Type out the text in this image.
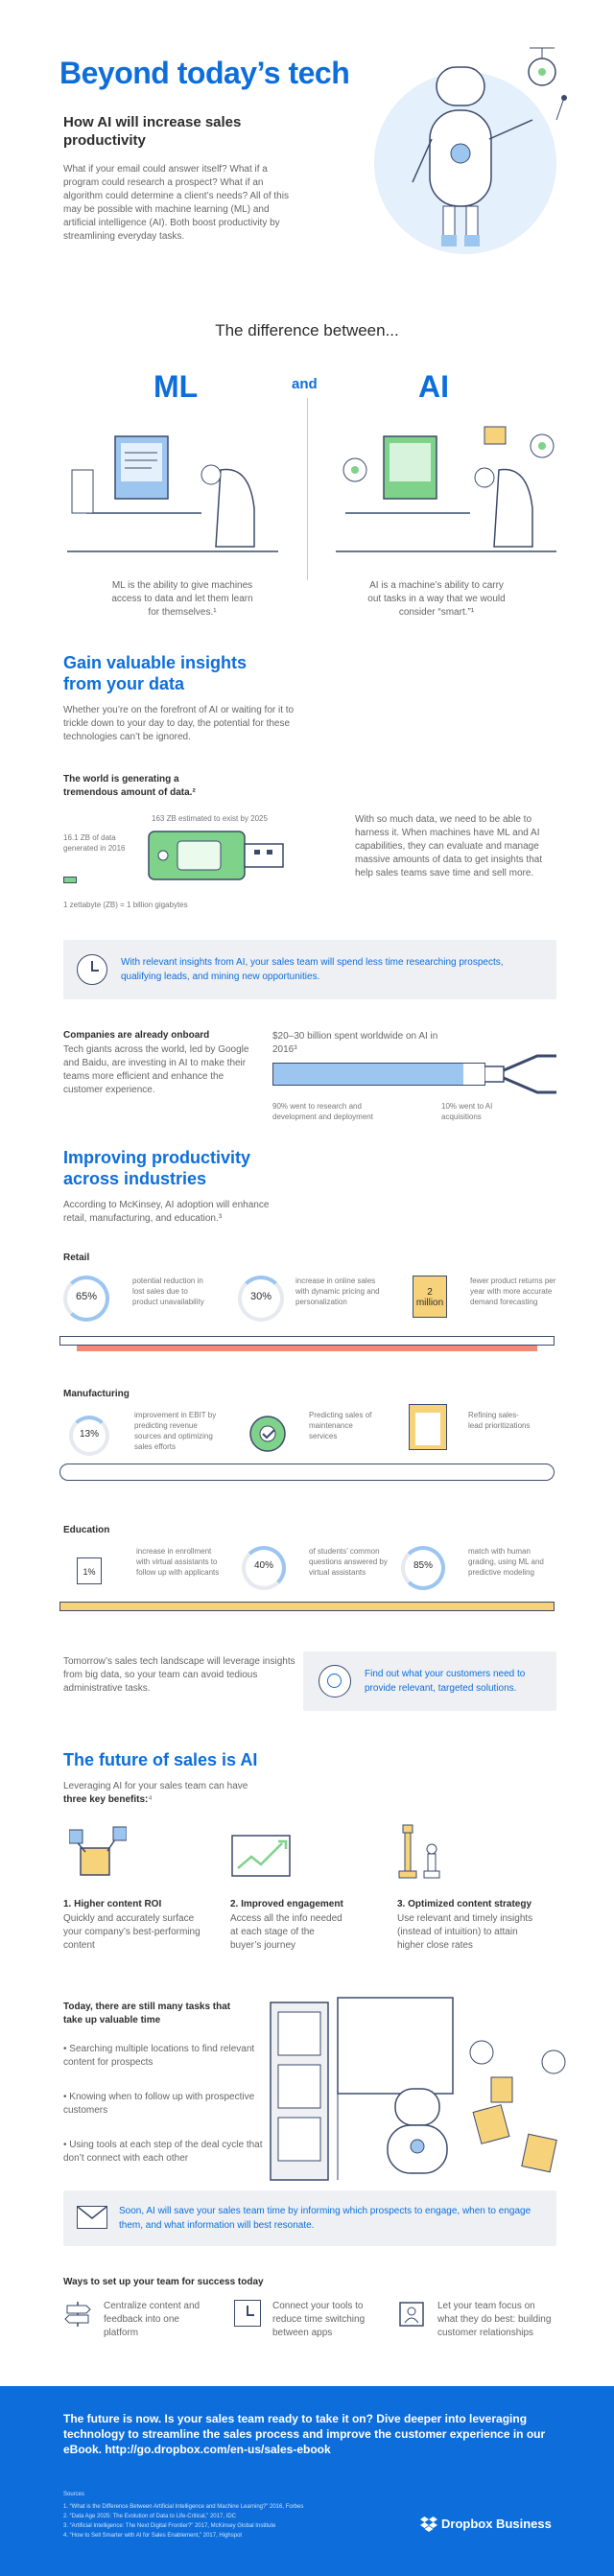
Beyond today’s tech
How AI will increase sales productivity
What if your email could answer itself? What if a program could research a prospect? What if an algorithm could determine a client’s needs? All of this may be possible with machine learning (ML) and artificial intelligence (AI). Both boost productivity by streamlining everyday tasks.
The difference between...
ML	and	AI
ML is the ability to give machines access to data and let them learn for themselves.¹
AI is a machine’s ability to carry out tasks in a way that we would consider “smart.”¹
Gain valuable insights from your data
Whether you’re on the forefront of AI or waiting for it to trickle down to your day to day, the potential for these technologies can’t be ignored.
The world is generating a tremendous amount of data.²
163 ZB estimated to exist by 2025
16.1 ZB of data generated in 2016
1 zettabyte (ZB) = 1 billion gigabytes
With so much data, we need to be able to harness it. When machines have ML and AI capabilities, they can evaluate and manage massive amounts of data to get insights that help sales teams save time and sell more.
With relevant insights from AI, your sales team will spend less time researching prospects, qualifying leads, and mining new opportunities.
Companies are already onboard
Tech giants across the world, led by Google and Baidu, are investing in AI to make their teams more efficient and enhance the customer experience.
$20–30 billion spent worldwide on AI in 2016³
90% went to research and development and deployment
10% went to AI acquisitions
Improving productivity across industries
According to McKinsey, AI adoption will enhance retail, manufacturing, and education.³
Retail
65%
potential reduction in lost sales due to product unavailability	30%
increase in online sales with dynamic pricing and personalization
2 million
fewer product returns per year with more accurate demand forecasting
Manufacturing
13%
improvement in EBIT by predicting revenue sources and optimizing sales efforts
Predicting sales of maintenance services
Refining sales-lead prioritizations
Education
1%
increase in enrollment with virtual assistants to follow up with applicants
40%
of students’ common questions answered by virtual assistants
85%
match with human grading, using ML and predictive modeling
Tomorrow’s sales tech landscape will leverage insights from big data, so your team can avoid tedious administrative tasks.
Find out what your customers need to provide relevant, targeted solutions.
The future of sales is AI
Leveraging AI for your sales team can have three key benefits:⁴
1. Higher content ROI
Quickly and accurately surface your company’s best-performing content
2. Improved engagement
Access all the info needed at each stage of the buyer’s journey
3. Optimized content strategy
Use relevant and timely insights (instead of intuition) to attain higher close rates
Today, there are still many tasks that take up valuable time
• Searching multiple locations to find relevant content for prospects
• Knowing when to follow up with prospective customers
• Using tools at each step of the deal cycle that don’t connect with each other
Soon, AI will save your sales team time by informing which prospects to engage, when to engage them, and what information will best resonate.
Ways to set up your team for success today
Centralize content and feedback into one platform
Connect your tools to reduce time switching between apps
Let your team focus on what they do best: building customer relationships
The future is now. Is your sales team ready to take it on? Dive deeper into leveraging technology to streamline the sales process and improve the customer experience in our eBook. http://go.dropbox.com/en-us/sales-ebook
Sources
1. “What is the Difference Between Artificial Intelligence and Machine Learning?” 2016, Forbes
2. “Data Age 2025: The Evolution of Data to Life-Critical,” 2017, IDC
3. “Artificial Intelligence: The Next Digital Frontier?” 2017, McKinsey Global Institute
4. “How to Sell Smarter with AI for Sales Enablement,” 2017, Highspot
Dropbox Business
